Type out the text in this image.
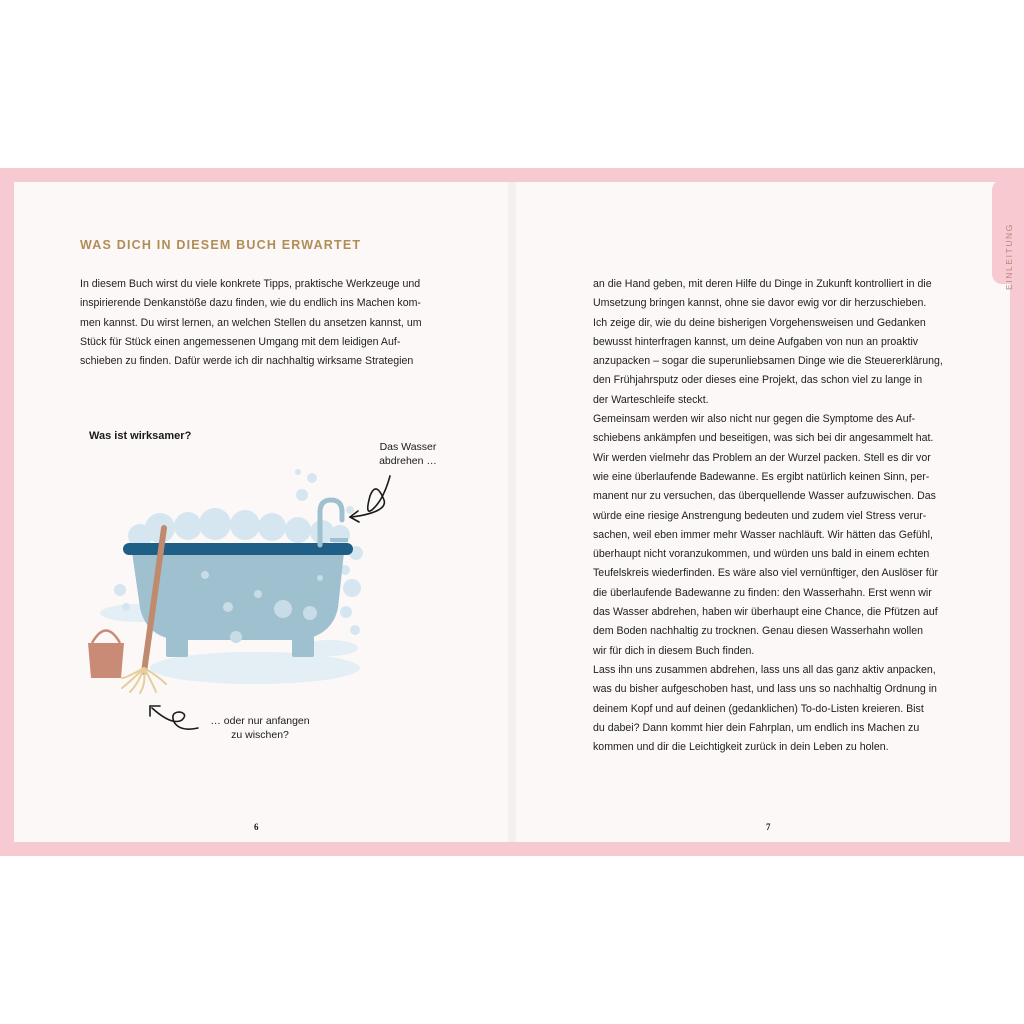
EINLEITUNG
WAS DICH IN DIESEM BUCH ERWARTET
In diesem Buch wirst du viele konkrete Tipps, praktische Werkzeuge und
inspirierende Denkanstöße dazu finden, wie du endlich ins Machen kom-
men kannst. Du wirst lernen, an welchen Stellen du ansetzen kannst, um
Stück für Stück einen angemessenen Umgang mit dem leidigen Auf-
schieben zu finden. Dafür werde ich dir nachhaltig wirksame Strategien
Was ist wirksamer?
Das Wasser
abdrehen …
… oder nur anfangen
zu wischen?
an die Hand geben, mit deren Hilfe du Dinge in Zukunft kontrolliert in die
Umsetzung bringen kannst, ohne sie davor ewig vor dir herzuschieben.
Ich zeige dir, wie du deine bisherigen Vorgehensweisen und Gedanken
bewusst hinterfragen kannst, um deine Aufgaben von nun an proaktiv
anzupacken – sogar die superunliebsamen Dinge wie die Steuererklärung,
den Frühjahrsputz oder dieses eine Projekt, das schon viel zu lange in
der Warteschleife steckt.
Gemeinsam werden wir also nicht nur gegen die Symptome des Auf-
schiebens ankämpfen und beseitigen, was sich bei dir angesammelt hat.
Wir werden vielmehr das Problem an der Wurzel packen. Stell es dir vor
wie eine überlaufende Badewanne. Es ergibt natürlich keinen Sinn, per-
manent nur zu versuchen, das überquellende Wasser aufzuwischen. Das
würde eine riesige Anstrengung bedeuten und zudem viel Stress verur-
sachen, weil eben immer mehr Wasser nachläuft. Wir hätten das Gefühl,
überhaupt nicht voranzukommen, und würden uns bald in einem echten
Teufelskreis wiederfinden. Es wäre also viel vernünftiger, den Auslöser für
die überlaufende Badewanne zu finden: den Wasserhahn. Erst wenn wir
das Wasser abdrehen, haben wir überhaupt eine Chance, die Pfützen auf
dem Boden nachhaltig zu trocknen. Genau diesen Wasserhahn wollen
wir für dich in diesem Buch finden.
Lass ihn uns zusammen abdrehen, lass uns all das ganz aktiv anpacken,
was du bisher aufgeschoben hast, und lass uns so nachhaltig Ordnung in
deinem Kopf und auf deinen (gedanklichen) To-do-Listen kreieren. Bist
du dabei? Dann kommt hier dein Fahrplan, um endlich ins Machen zu
kommen und dir die Leichtigkeit zurück in dein Leben zu holen.
6	7
